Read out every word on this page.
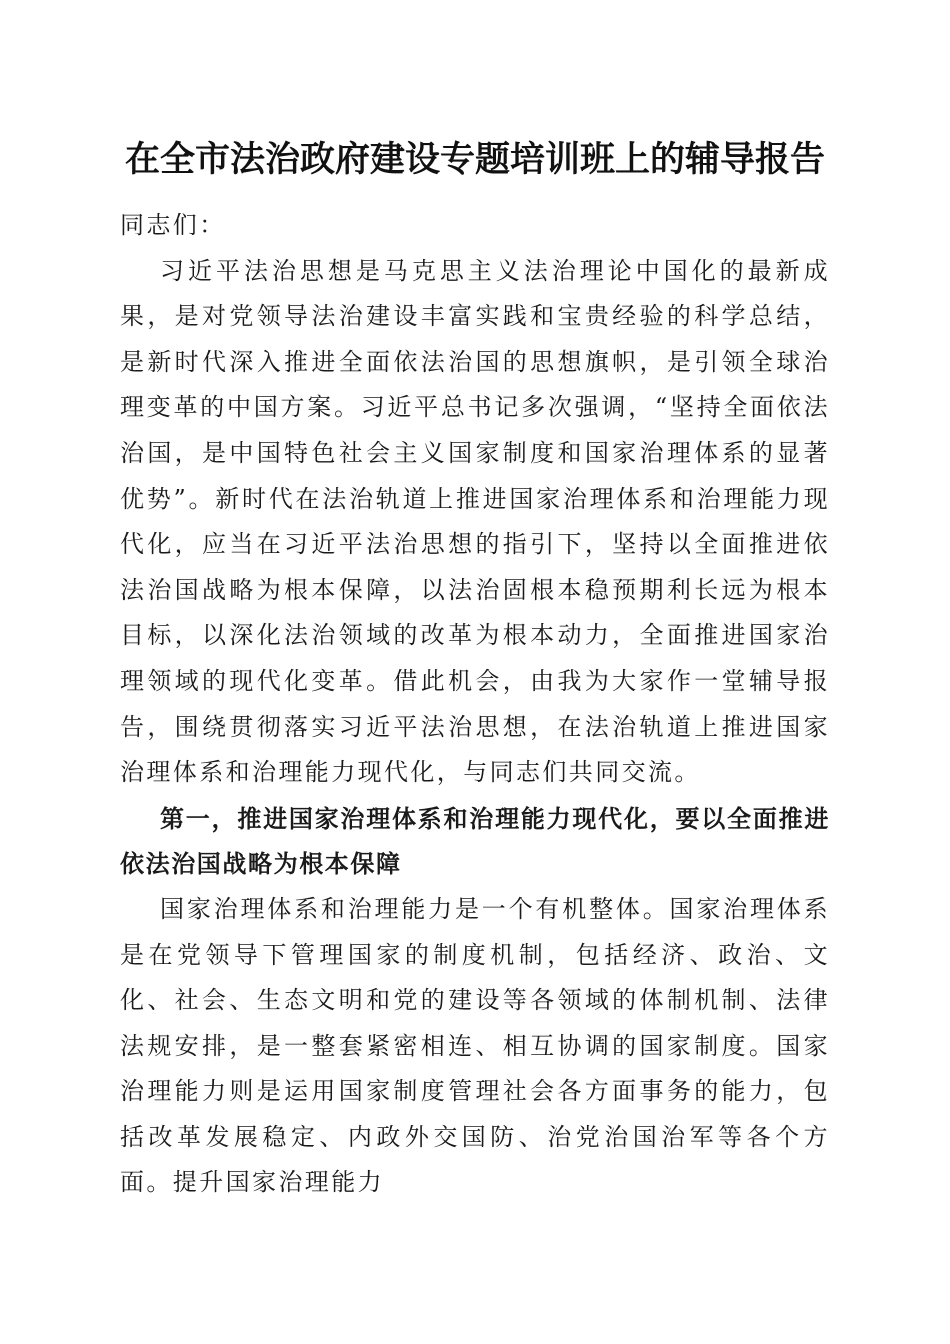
在全市法治政府建设专题培训班上的辅导报告

同志们：

习近平法治思想是马克思主义法治理论中国化的最新成果，是对党领导法治建设丰富实践和宝贵经验的科学总结，是新时代深入推进全面依法治国的思想旗帜，是引领全球治理变革的中国方案。习近平总书记多次强调，“坚持全面依法治国，是中国特色社会主义国家制度和国家治理体系的显著优势”。新时代在法治轨道上推进国家治理体系和治理能力现代化，应当在习近平法治思想的指引下，坚持以全面推进依法治国战略为根本保障，以法治固根本稳预期利长远为根本目标，以深化法治领域的改革为根本动力，全面推进国家治理领域的现代化变革。借此机会，由我为大家作一堂辅导报告，围绕贯彻落实习近平法治思想，在法治轨道上推进国家治理体系和治理能力现代化，与同志们共同交流。

第一，推进国家治理体系和治理能力现代化，要以全面推进依法治国战略为根本保障

国家治理体系和治理能力是一个有机整体。国家治理体系是在党领导下管理国家的制度机制，包括经济、政治、文化、社会、生态文明和党的建设等各领域的体制机制、法律法规安排，是一整套紧密相连、相互协调的国家制度。国家治理能力则是运用国家制度管理社会各方面事务的能力，包括改革发展稳定、内政外交国防、治党治国治军等各个方面。提升国家治理能力
